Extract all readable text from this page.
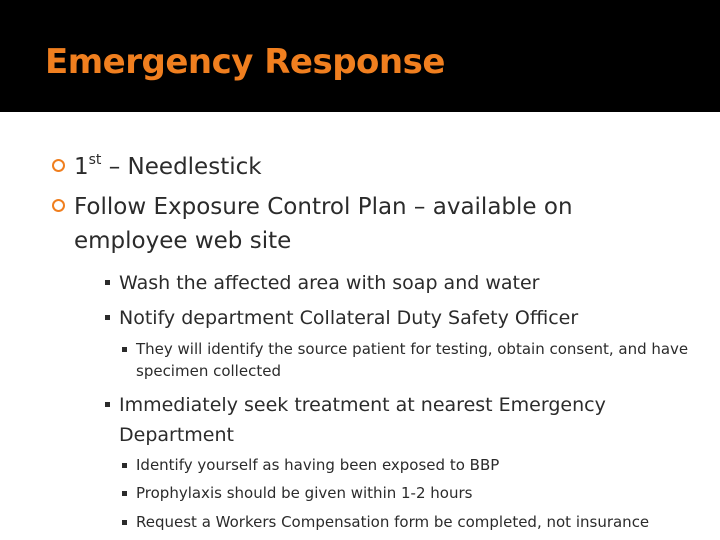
Emergency Response
1st – Needlestick
Follow Exposure Control Plan – available on employee web site
Wash the affected area with soap and water
Notify department Collateral Duty Safety Officer
They will identify the source patient for testing, obtain consent, and have specimen collected
Immediately seek treatment at nearest Emergency Department
Identify yourself as having been exposed to BBP
Prophylaxis should be given within 1-2 hours
Request a Workers Compensation form be completed, not insurance
